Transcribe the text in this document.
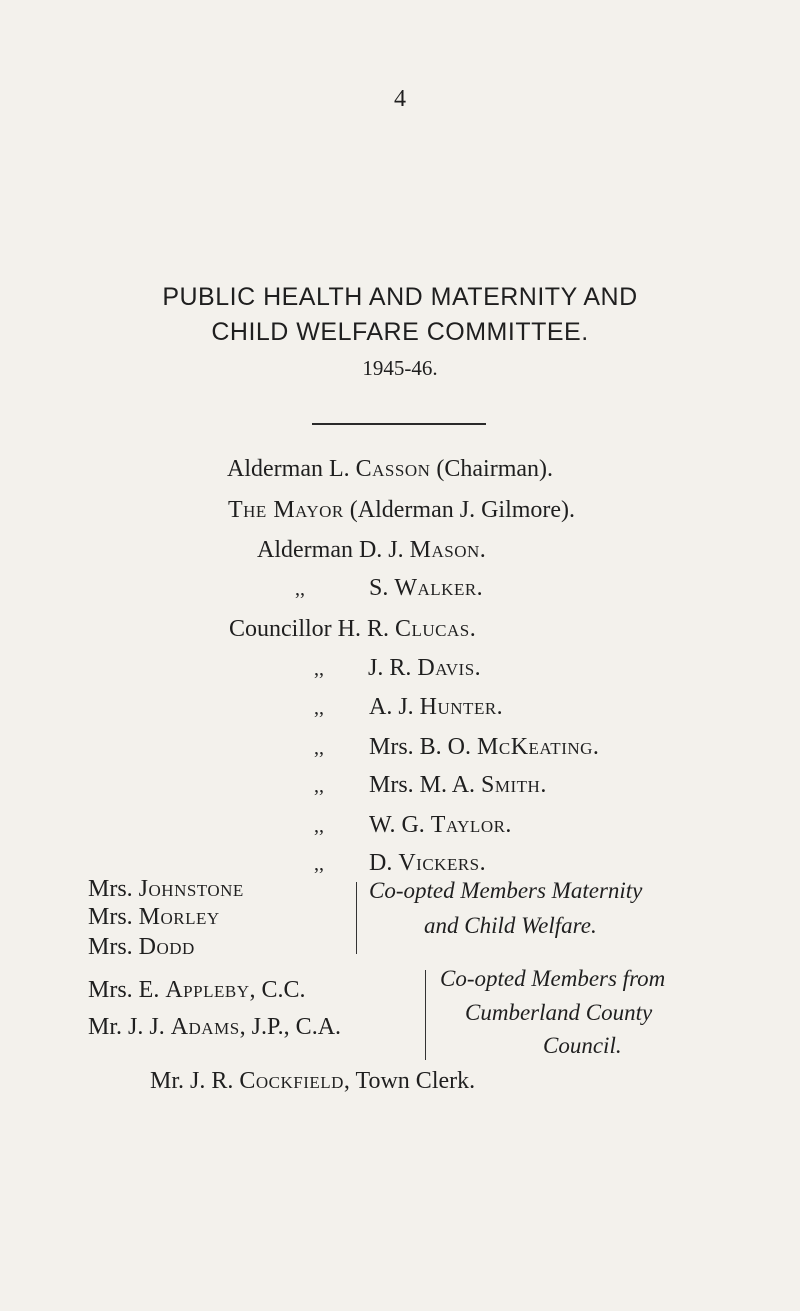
4
PUBLIC HEALTH AND MATERNITY AND
CHILD WELFARE COMMITTEE.
1945-46.
Alderman L. Casson (Chairman).
The Mayor (Alderman J. Gilmore).
Alderman D. J. Mason.
,,	S. Walker.
Councillor H. R. Clucas.
,, J. R. Davis.
,, A. J. Hunter.
,, Mrs. B. O. McKeating.
,, Mrs. M. A. Smith.
,, W. G. Taylor.
,, D. Vickers.
Mrs. Johnstone
Mrs. Morley
Mrs. Dodd
Co-opted Members Maternity
and Child Welfare.
Mrs. E. Appleby, C.C.
Mr. J. J. Adams, J.P., C.A.
Co-opted Members from
Cumberland County
Council.
Mr. J. R. Cockfield, Town Clerk.
